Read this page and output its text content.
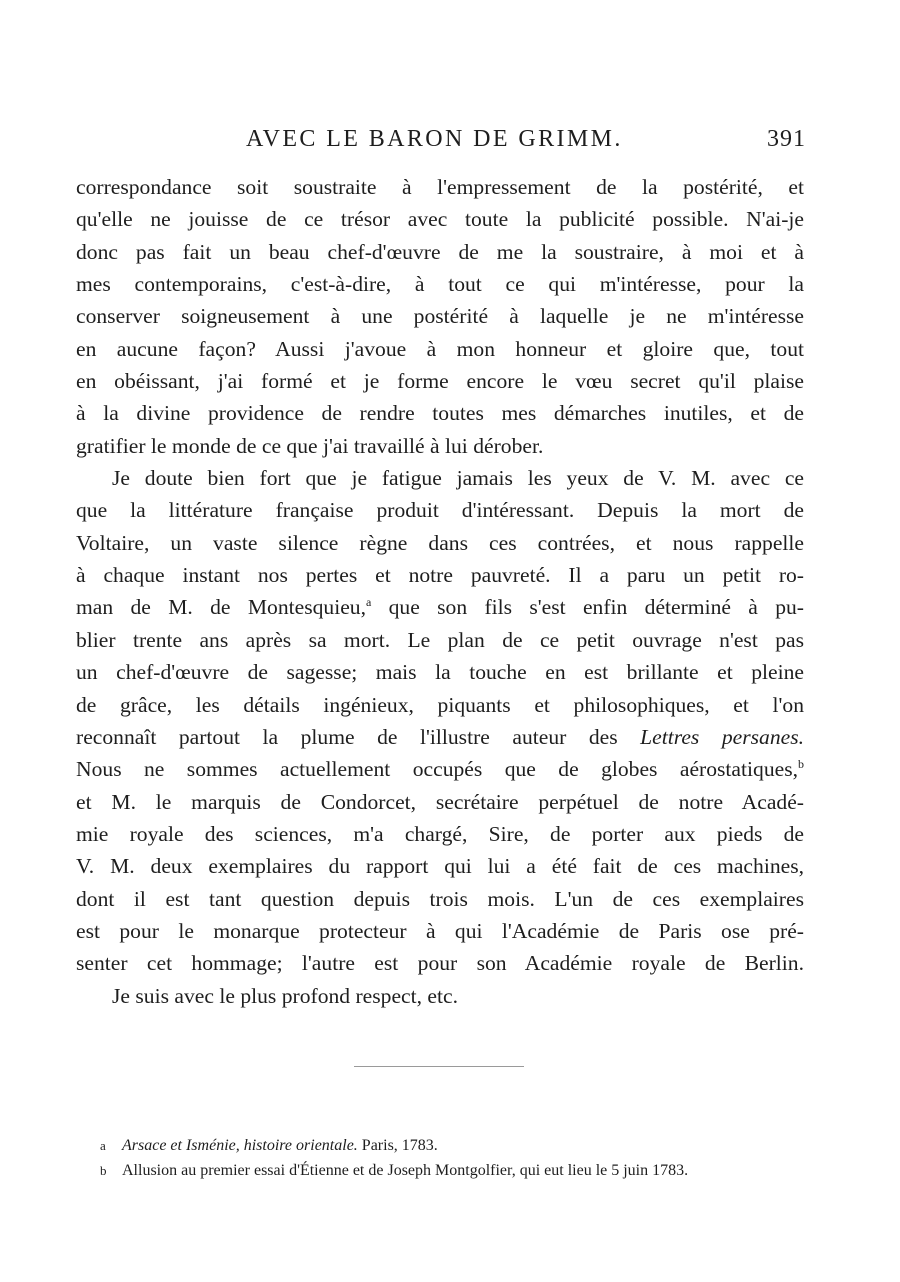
AVEC LE BARON DE GRIMM.	391
correspondance soit soustraite à l'empressement de la postérité, et
qu'elle ne jouisse de ce trésor avec toute la publicité possible. N'ai-je
donc pas fait un beau chef-d'œuvre de me la soustraire, à moi et à
mes contemporains, c'est-à-dire, à tout ce qui m'intéresse, pour la
conserver soigneusement à une postérité à laquelle je ne m'intéresse
en aucune façon? Aussi j'avoue à mon honneur et gloire que, tout
en obéissant, j'ai formé et je forme encore le vœu secret qu'il plaise
à la divine providence de rendre toutes mes démarches inutiles, et de
gratifier le monde de ce que j'ai travaillé à lui dérober.
Je doute bien fort que je fatigue jamais les yeux de V. M. avec ce
que la littérature française produit d'intéressant. Depuis la mort de
Voltaire, un vaste silence règne dans ces contrées, et nous rappelle
à chaque instant nos pertes et notre pauvreté. Il a paru un petit ro-
man de M. de Montesquieu,$^a$ que son fils s'est enfin déterminé à pu-
blier trente ans après sa mort. Le plan de ce petit ouvrage n'est pas
un chef-d'œuvre de sagesse; mais la touche en est brillante et pleine
de grâce, les détails ingénieux, piquants et philosophiques, et l'on
reconnaît partout la plume de l'illustre auteur des Lettres persanes.
Nous ne sommes actuellement occupés que de globes aérostatiques,$^b$
et M. le marquis de Condorcet, secrétaire perpétuel de notre Acadé-
mie royale des sciences, m'a chargé, Sire, de porter aux pieds de
V. M. deux exemplaires du rapport qui lui a été fait de ces machines,
dont il est tant question depuis trois mois. L'un de ces exemplaires
est pour le monarque protecteur à qui l'Académie de Paris ose pré-
senter cet hommage; l'autre est pour son Académie royale de Berlin.
Je suis avec le plus profond respect, etc.
a Arsace et Isménie, histoire orientale. Paris, 1783.
b Allusion au premier essai d'Étienne et de Joseph Montgolfier, qui eut lieu le 5 juin 1783.
